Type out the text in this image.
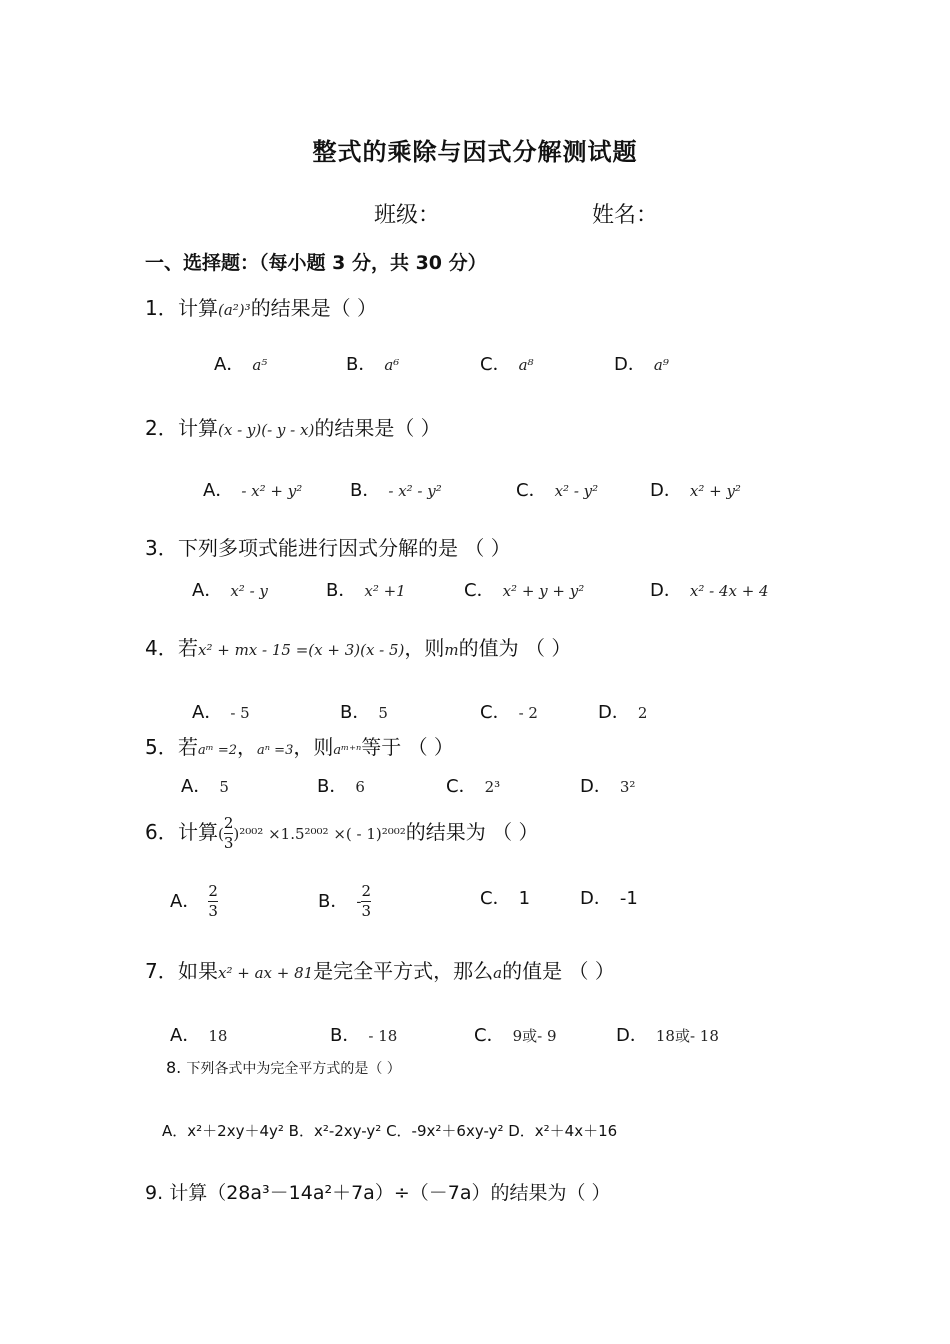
整式的乘除与因式分解测试题
班级：	姓名：
一、选择题：（每小题 3 分，共 30 分）
1．计算(a²)³的结果是（ ）
A． a⁵	B． a⁶	C． a⁸	D． a⁹
2．计算(x - y)(- y - x)的结果是（ ）
A． - x² + y²	B． - x² - y²	C． x² - y²	D． x² + y²
3．下列多项式能进行因式分解的是 （ ）
A． x² - y	B． x² +1	C． x² + y + y²	D． x² - 4x + 4
4．若x² + mx - 15 =(x + 3)(x - 5)，则m的值为 （ ）
A． - 5	B． 5	C． - 2	D． 2
5．若aᵐ =2，aⁿ =3，则aᵐ⁺ⁿ等于 （ ）
A． 5	B． 6	C． 2³	D． 3²
6．计算( $\frac{2}{3} )^{2002} \times 1.5^{2002}$ ×( - 1)²⁰⁰²的结果为 （ ）
A． $\frac{2}{3}$	B． - $\frac{2}{3}$	C． 1	D． -1
7．如果x² + ax + 81是完全平方式，那么a的值是 （ ）
A． 18	B． - 18	C． 9或- 9	D． 18或- 18
8. 下列各式中为完全平方式的是（ ）
A．x²＋2xy＋4y² B．x²-2xy-y² C．-9x²＋6xy-y² D．x²＋4x＋16
9. 计算（28a³－14a²＋7a）÷（－7a）的结果为（ ）
